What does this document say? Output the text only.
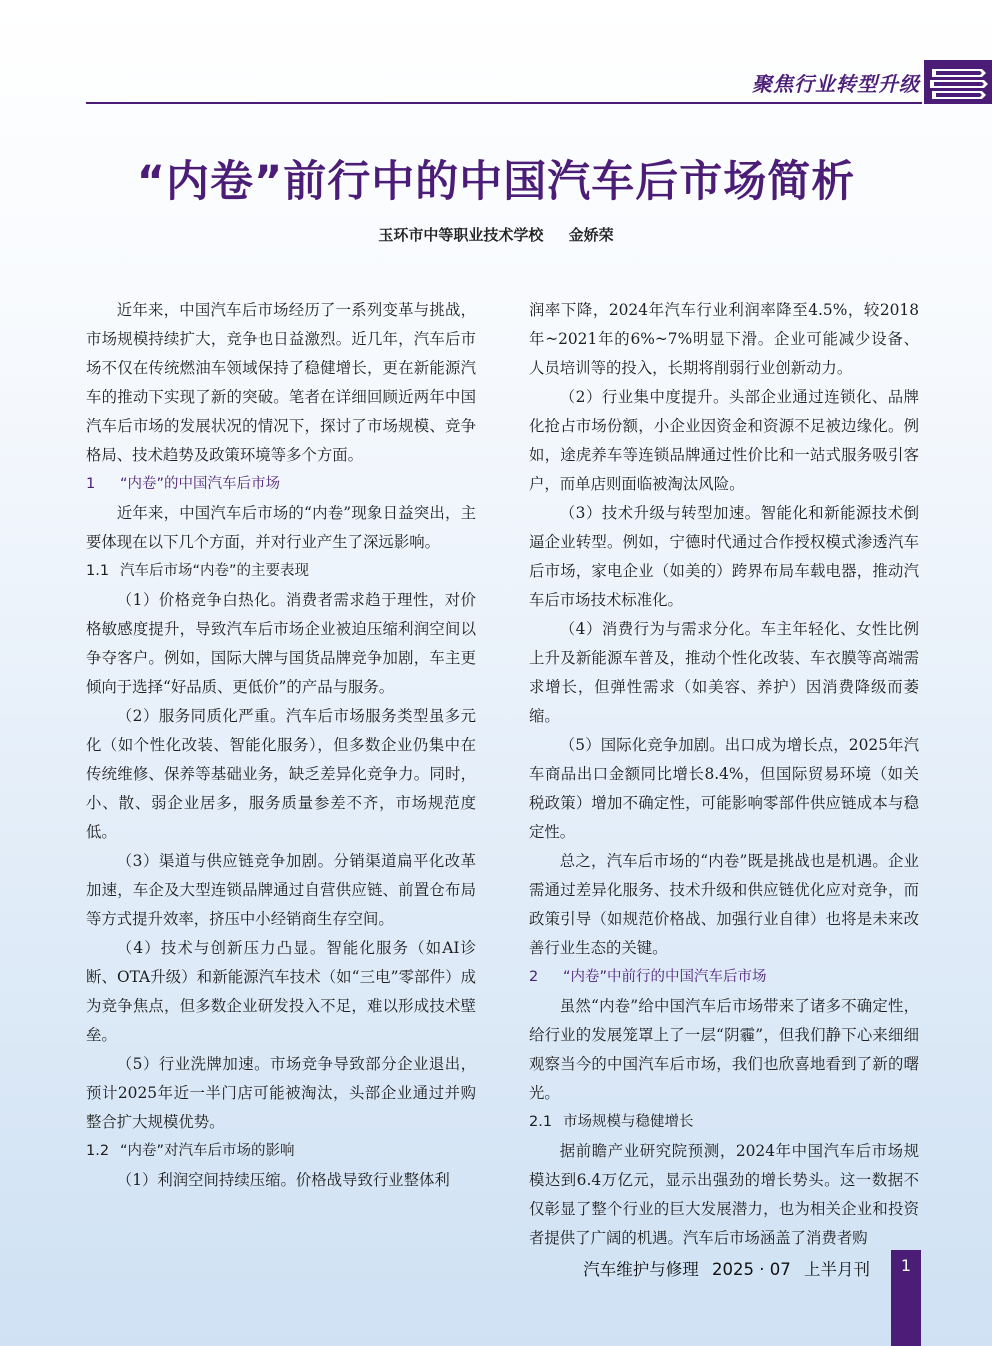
聚焦行业转型升级
“内卷”前行中的中国汽车后市场简析
玉环市中等职业技术学校 金娇荣

近年来，中国汽车后市场经历了一系列变革与挑战，市场规模持续扩大，竞争也日益激烈。近几年，汽车后市场不仅在传统燃油车领域保持了稳健增长，更在新能源汽车的推动下实现了新的突破。笔者在详细回顾近两年中国汽车后市场的发展状况的情况下，探讨了市场规模、竞争格局、技术趋势及政策环境等多个方面。

1 “内卷”的中国汽车后市场

近年来，中国汽车后市场的“内卷”现象日益突出，主要体现在以下几个方面，并对行业产生了深远影响。

1.1 汽车后市场“内卷”的主要表现

（1）价格竞争白热化。消费者需求趋于理性，对价格敏感度提升，导致汽车后市场企业被迫压缩利润空间以争夺客户。例如，国际大牌与国货品牌竞争加剧，车主更倾向于选择“好品质、更低价”的产品与服务。

（2）服务同质化严重。汽车后市场服务类型虽多元化（如个性化改装、智能化服务），但多数企业仍集中在传统维修、保养等基础业务，缺乏差异化竞争力。同时，小、散、弱企业居多，服务质量参差不齐，市场规范度低。

（3）渠道与供应链竞争加剧。分销渠道扁平化改革加速，车企及大型连锁品牌通过自营供应链、前置仓布局等方式提升效率，挤压中小经销商生存空间。

（4）技术与创新压力凸显。智能化服务（如AI诊断、OTA升级）和新能源汽车技术（如“三电”零部件）成为竞争焦点，但多数企业研发投入不足，难以形成技术壁垒。

（5）行业洗牌加速。市场竞争导致部分企业退出，预计2025年近一半门店可能被淘汰，头部企业通过并购整合扩大规模优势。

1.2 “内卷”对汽车后市场的影响

（1）利润空间持续压缩。价格战导致行业整体利

润率下降，2024年汽车行业利润率降至4.5%，较2018年~2021年的6%~7%明显下滑。企业可能减少设备、人员培训等的投入，长期将削弱行业创新动力。

（2）行业集中度提升。头部企业通过连锁化、品牌化抢占市场份额，小企业因资金和资源不足被边缘化。例如，途虎养车等连锁品牌通过性价比和一站式服务吸引客户，而单店则面临被淘汰风险。

（3）技术升级与转型加速。智能化和新能源技术倒逼企业转型。例如，宁德时代通过合作授权模式渗透汽车后市场，家电企业（如美的）跨界布局车载电器，推动汽车后市场技术标准化。

（4）消费行为与需求分化。车主年轻化、女性比例上升及新能源车普及，推动个性化改装、车衣膜等高端需求增长，但弹性需求（如美容、养护）因消费降级而萎缩。

（5）国际化竞争加剧。出口成为增长点，2025年汽车商品出口金额同比增长8.4%，但国际贸易环境（如关税政策）增加不确定性，可能影响零部件供应链成本与稳定性。

总之，汽车后市场的“内卷”既是挑战也是机遇。企业需通过差异化服务、技术升级和供应链优化应对竞争，而政策引导（如规范价格战、加强行业自律）也将是未来改善行业生态的关键。

2 “内卷”中前行的中国汽车后市场

虽然“内卷”给中国汽车后市场带来了诸多不确定性，给行业的发展笼罩上了一层“阴霾”，但我们静下心来细细观察当今的中国汽车后市场，我们也欣喜地看到了新的曙光。

2.1 市场规模与稳健增长

据前瞻产业研究院预测，2024年中国汽车后市场规模达到6.4万亿元，显示出强劲的增长势头。这一数据不仅彰显了整个行业的巨大发展潜力，也为相关企业和投资者提供了广阔的机遇。汽车后市场涵盖了消费者购

汽车维护与修理 2025 · 07 上半月刊	1
